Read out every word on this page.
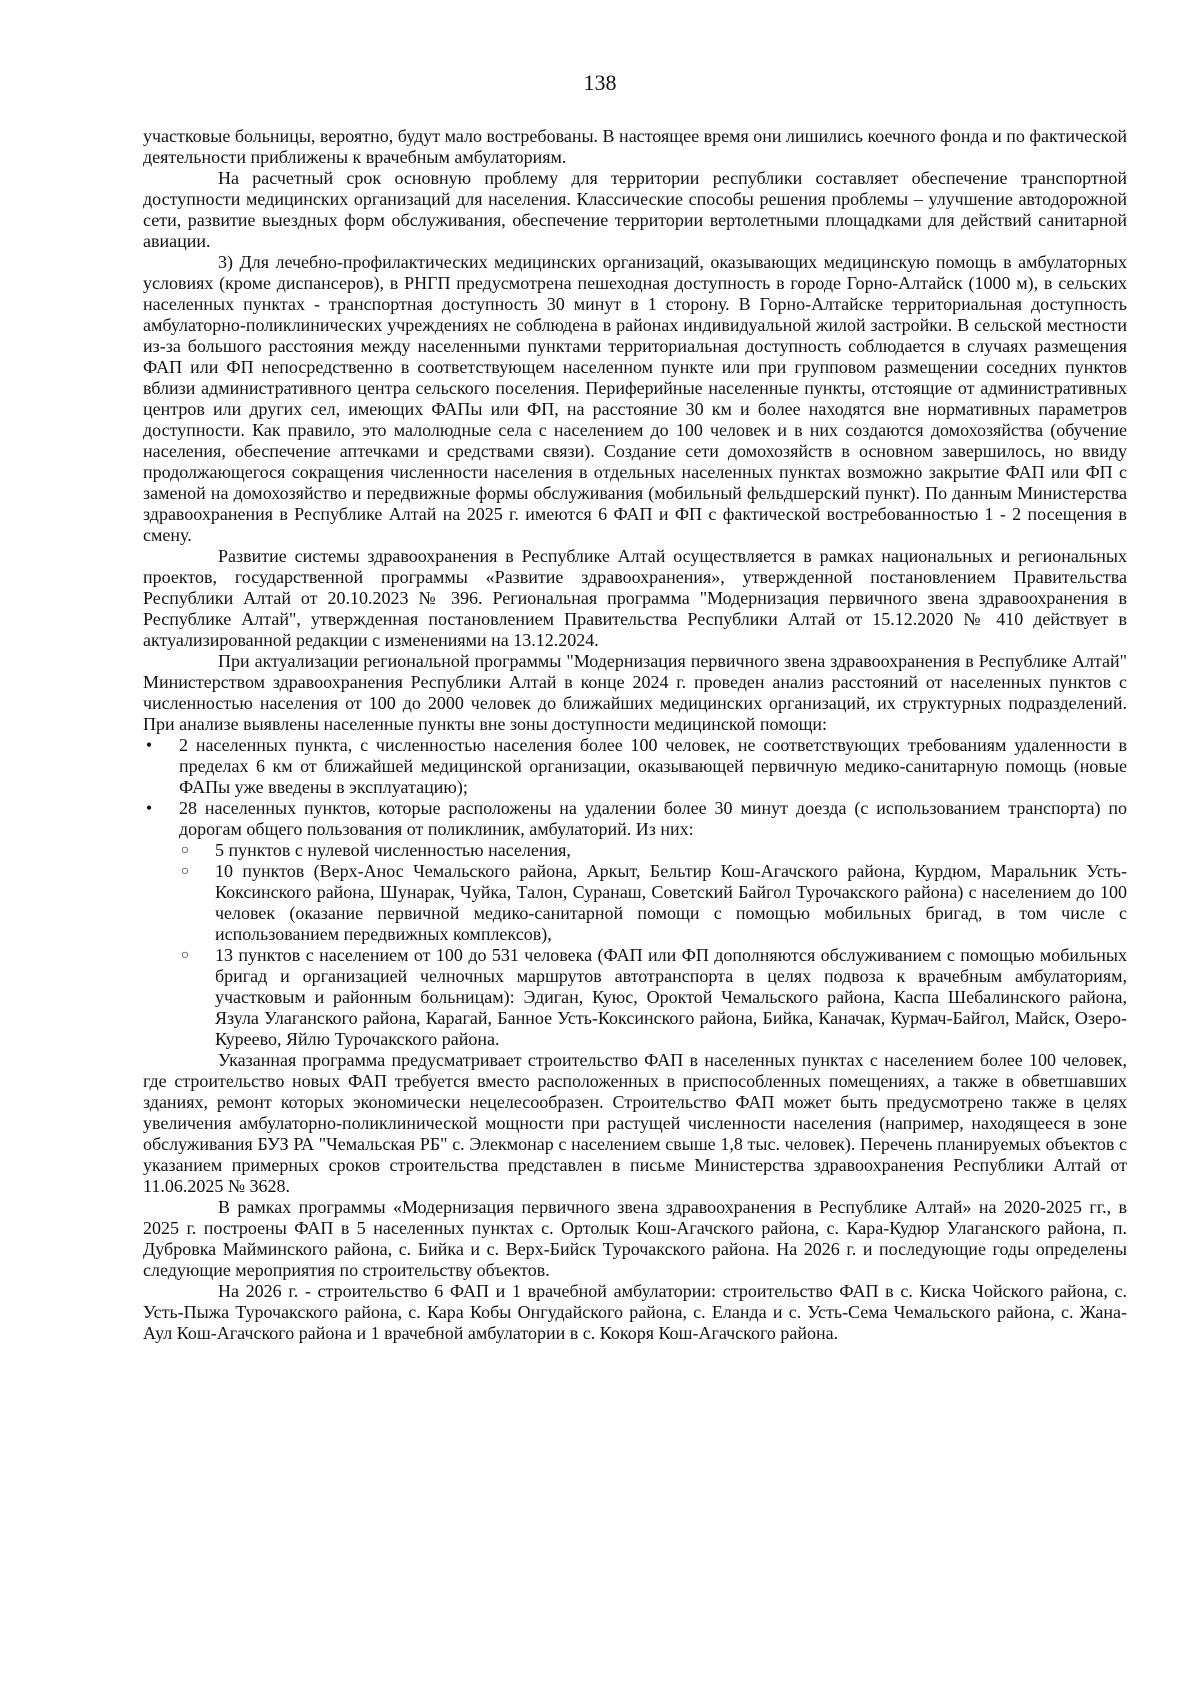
138

участковые больницы, вероятно, будут мало востребованы. В настоящее время они лишились коечного фонда и по фактической деятельности приближены к врачебным амбулаториям.

На расчетный срок основную проблему для территории республики составляет обеспечение транспортной доступности медицинских организаций для населения. Классические способы решения проблемы – улучшение автодорожной сети, развитие выездных форм обслуживания, обеспечение территории вертолетными площадками для действий санитарной авиации.

3) Для лечебно-профилактических медицинских организаций, оказывающих медицинскую помощь в амбулаторных условиях (кроме диспансеров), в РНГП предусмотрена пешеходная доступность в городе Горно-Алтайск (1000 м), в сельских населенных пунктах - транспортная доступность 30 минут в 1 сторону. В Горно-Алтайске территориальная доступность амбулаторно-поликлинических учреждениях не соблюдена в районах индивидуальной жилой застройки. В сельской местности из-за большого расстояния между населенными пунктами территориальная доступность соблюдается в случаях размещения ФАП или ФП непосредственно в соответствующем населенном пункте или при групповом размещении соседних пунктов вблизи административного центра сельского поселения. Периферийные населенные пункты, отстоящие от административных центров или других сел, имеющих ФАПы или ФП, на расстояние 30 км и более находятся вне нормативных параметров доступности. Как правило, это малолюдные села с населением до 100 человек и в них создаются домохозяйства (обучение населения, обеспечение аптечками и средствами связи). Создание сети домохозяйств в основном завершилось, но ввиду продолжающегося сокращения численности населения в отдельных населенных пунктах возможно закрытие ФАП или ФП с заменой на домохозяйство и передвижные формы обслуживания (мобильный фельдшерский пункт). По данным Министерства здравоохранения в Республике Алтай на 2025 г. имеются 6 ФАП и ФП с фактической востребованностью 1 - 2 посещения в смену.

Развитие системы здравоохранения в Республике Алтай осуществляется в рамках национальных и региональных проектов, государственной программы «Развитие здравоохранения», утвержденной постановлением Правительства Республики Алтай от 20.10.2023 № 396. Региональная программа "Модернизация первичного звена здравоохранения в Республике Алтай", утвержденная постановлением Правительства Республики Алтай от 15.12.2020 № 410 действует в актуализированной редакции с изменениями на 13.12.2024.

При актуализации региональной программы "Модернизация первичного звена здравоохранения в Республике Алтай" Министерством здравоохранения Республики Алтай в конце 2024 г. проведен анализ расстояний от населенных пунктов с численностью населения от 100 до 2000 человек до ближайших медицинских организаций, их структурных подразделений. При анализе выявлены населенные пункты вне зоны доступности медицинской помощи:

• 2 населенных пункта, с численностью населения более 100 человек, не соответствующих требованиям удаленности в пределах 6 км от ближайшей медицинской организации, оказывающей первичную медико-санитарную помощь (новые ФАПы уже введены в эксплуатацию);
• 28 населенных пунктов, которые расположены на удалении более 30 минут доезда (с использованием транспорта) по дорогам общего пользования от поликлиник, амбулаторий. Из них:
○ 5 пунктов с нулевой численностью населения,
○ 10 пунктов (Верх-Анос Чемальского района, Аркыт, Бельтир Кош-Агачского района, Курдюм, Маральник Усть-Коксинского района, Шунарак, Чуйка, Талон, Суранаш, Советский Байгол Турочакского района) с населением до 100 человек (оказание первичной медико-санитарной помощи с помощью мобильных бригад, в том числе с использованием передвижных комплексов),
○ 13 пунктов с населением от 100 до 531 человека (ФАП или ФП дополняются обслуживанием с помощью мобильных бригад и организацией челночных маршрутов автотранспорта в целях подвоза к врачебным амбулаториям, участковым и районным больницам): Эдиган, Куюс, Ороктой Чемальского района, Каспа Шебалинского района, Язула Улаганского района, Карагай, Банное Усть-Коксинского района, Бийка, Каначак, Курмач-Байгол, Майск, Озеро-Куреево, Яйлю Турочакского района.

Указанная программа предусматривает строительство ФАП в населенных пунктах с населением более 100 человек, где строительство новых ФАП требуется вместо расположенных в приспособленных помещениях, а также в обветшавших зданиях, ремонт которых экономически нецелесообразен. Строительство ФАП может быть предусмотрено также в целях увеличения амбулаторно-поликлинической мощности при растущей численности населения (например, находящееся в зоне обслуживания БУЗ РА "Чемальская РБ" с. Элекмонар с населением свыше 1,8 тыс. человек). Перечень планируемых объектов с указанием примерных сроков строительства представлен в письме Министерства здравоохранения Республики Алтай от 11.06.2025 № 3628.

В рамках программы «Модернизация первичного звена здравоохранения в Республике Алтай» на 2020-2025 гг., в 2025 г. построены ФАП в 5 населенных пунктах с. Ортолык Кош-Агачского района, с. Кара-Кудюр Улаганского района, п. Дубровка Майминского района, с. Бийка и с. Верх-Бийск Турочакского района. На 2026 г. и последующие годы определены следующие мероприятия по строительству объектов.

На 2026 г. - строительство 6 ФАП и 1 врачебной амбулатории: строительство ФАП в с. Киска Чойского района, с. Усть-Пыжа Турочакского района, с. Кара Кобы Онгудайского района, с. Еланда и с. Усть-Сема Чемальского района, с. Жана-Аул Кош-Агачского района и 1 врачебной амбулатории в с. Кокоря Кош-Агачского района.
